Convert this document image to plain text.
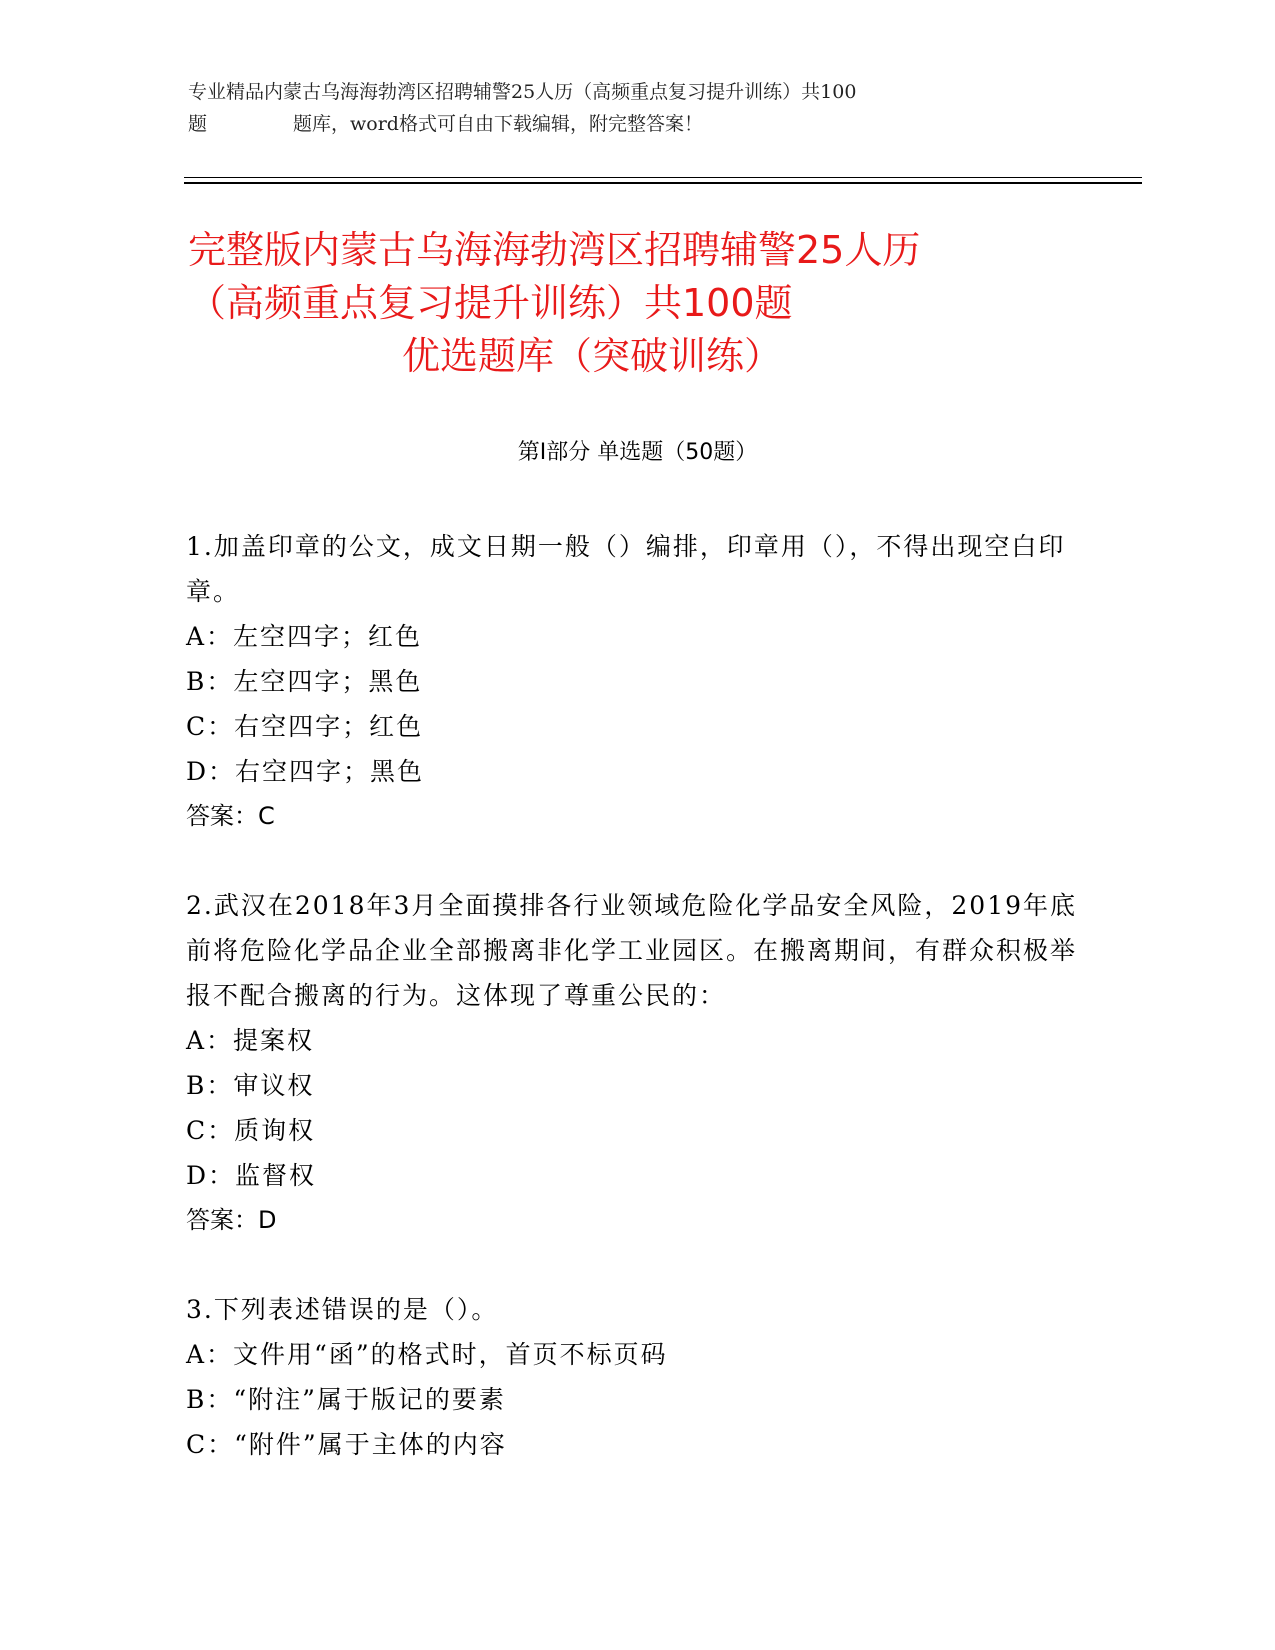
专业精品内蒙古乌海海勃湾区招聘辅警25人历（高频重点复习提升训练）共100
题	题库，word格式可自由下载编辑，附完整答案！
完整版内蒙古乌海海勃湾区招聘辅警25人历
（高频重点复习提升训练）共100题
优选题库（突破训练）
第Ⅰ部分 单选题（50题）
1.加盖印章的公文，成文日期一般（）编排，印章用（），不得出现空白印章。
A：左空四字；红色
B：左空四字；黑色
C：右空四字；红色
D：右空四字；黑色
答案：C
2.武汉在2018年3月全面摸排各行业领域危险化学品安全风险，2019年底前将危险化学品企业全部搬离非化学工业园区。在搬离期间，有群众积极举报不配合搬离的行为。这体现了尊重公民的：
A：提案权
B：审议权
C：质询权
D：监督权
答案：D
3.下列表述错误的是（）。
A：文件用“函”的格式时，首页不标页码
B：“附注”属于版记的要素
C：“附件”属于主体的内容
